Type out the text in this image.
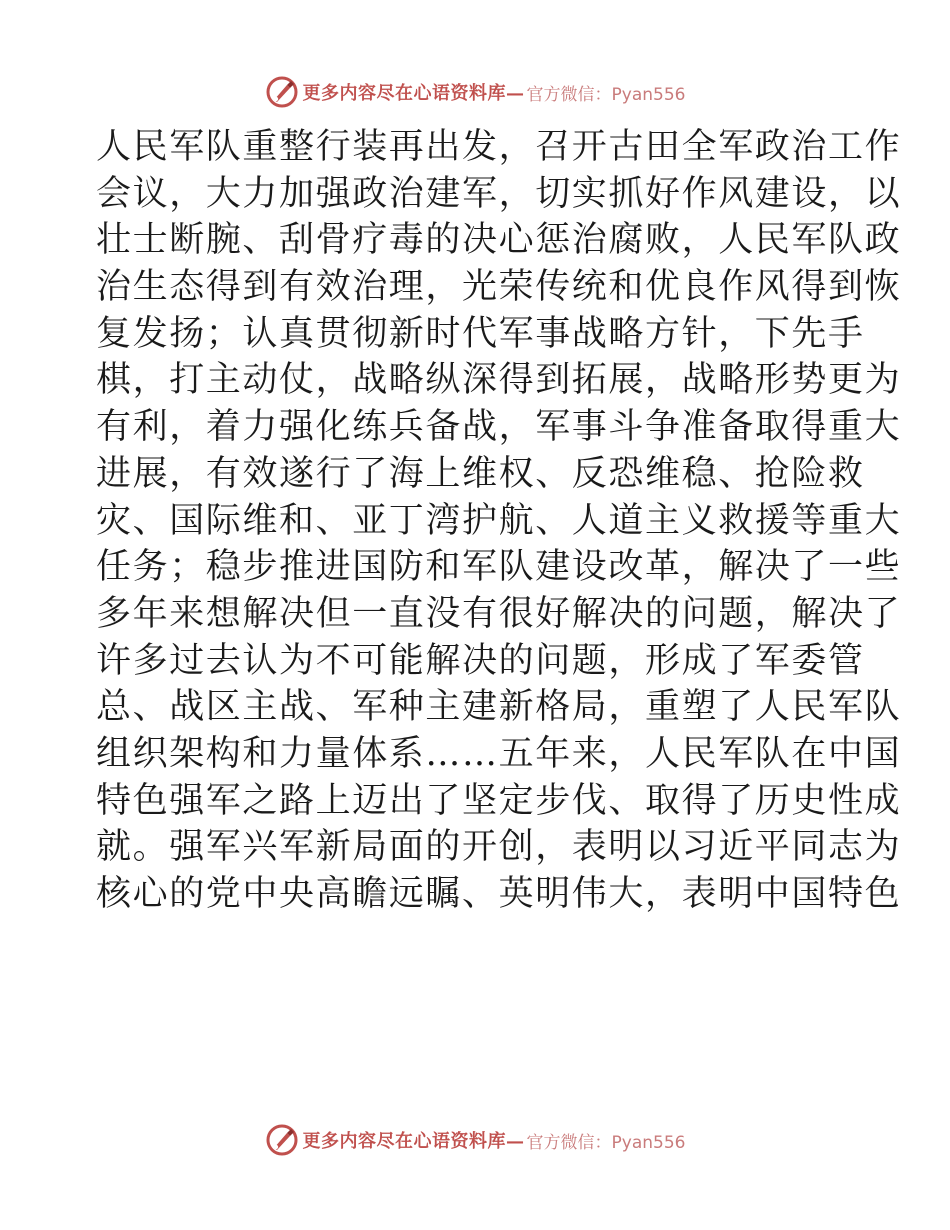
更多内容尽在心语资料库— 官方微信：Pyan556
人民军队重整行装再出发，召开古田全军政治工作
会议，大力加强政治建军，切实抓好作风建设，以
壮士断腕、刮骨疗毒的决心惩治腐败，人民军队政
治生态得到有效治理，光荣传统和优良作风得到恢
复发扬；认真贯彻新时代军事战略方针，下先手
棋，打主动仗，战略纵深得到拓展，战略形势更为
有利，着力强化练兵备战，军事斗争准备取得重大
进展，有效遂行了海上维权、反恐维稳、抢险救
灾、国际维和、亚丁湾护航、人道主义救援等重大
任务；稳步推进国防和军队建设改革，解决了一些
多年来想解决但一直没有很好解决的问题，解决了
许多过去认为不可能解决的问题，形成了军委管
总、战区主战、军种主建新格局，重塑了人民军队
组织架构和力量体系……五年来，人民军队在中国
特色强军之路上迈出了坚定步伐、取得了历史性成
就。强军兴军新局面的开创，表明以习近平同志为
核心的党中央高瞻远瞩、英明伟大，表明中国特色
更多内容尽在心语资料库— 官方微信：Pyan556
